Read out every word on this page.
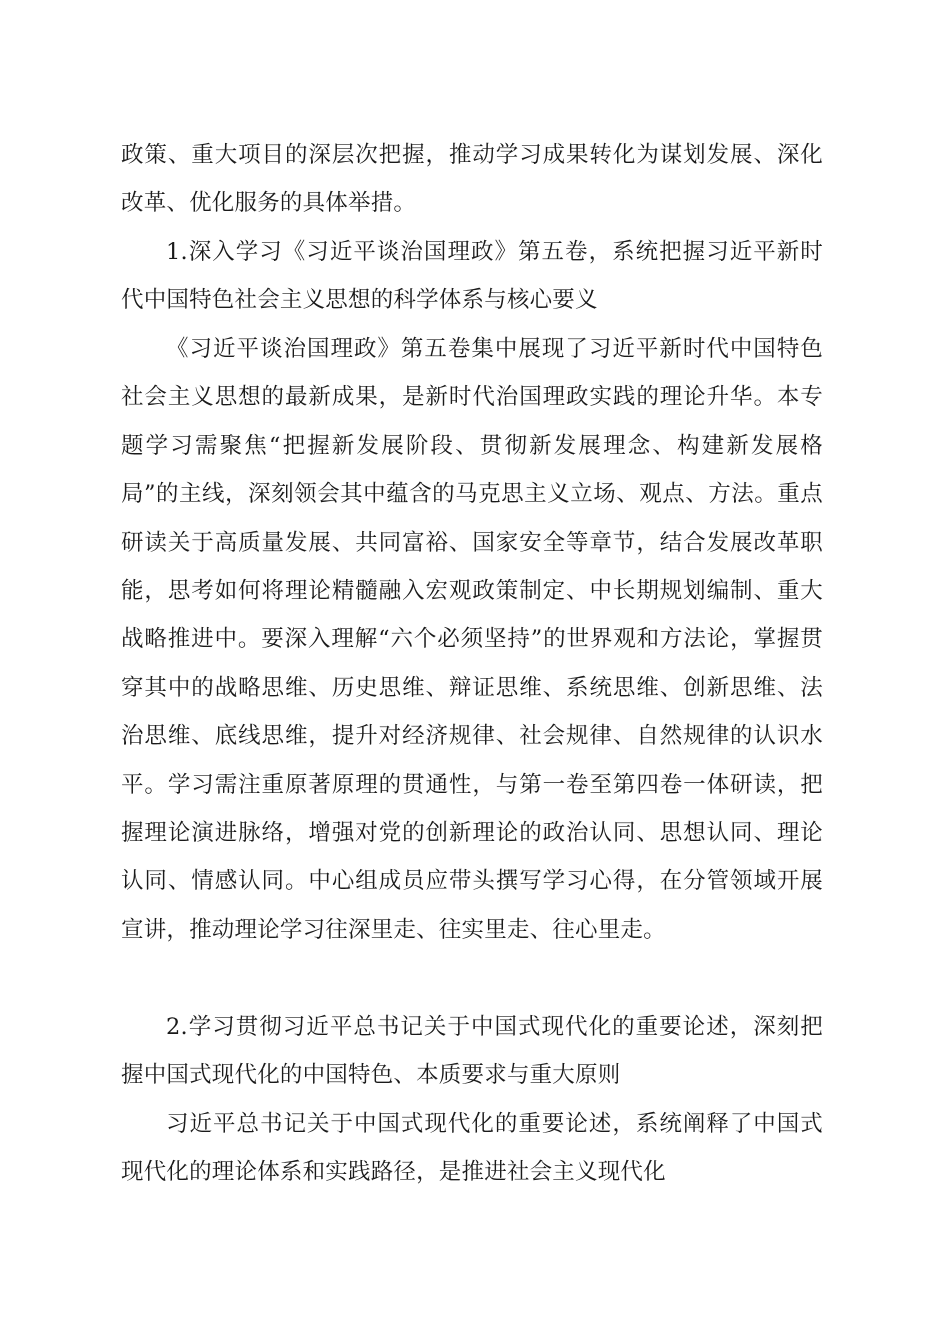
政策、重大项目的深层次把握，推动学习成果转化为谋划发展、深化改革、优化服务的具体举措。

1.深入学习《习近平谈治国理政》第五卷，系统把握习近平新时代中国特色社会主义思想的科学体系与核心要义

《习近平谈治国理政》第五卷集中展现了习近平新时代中国特色社会主义思想的最新成果，是新时代治国理政实践的理论升华。本专题学习需聚焦“把握新发展阶段、贯彻新发展理念、构建新发展格局”的主线，深刻领会其中蕴含的马克思主义立场、观点、方法。重点研读关于高质量发展、共同富裕、国家安全等章节，结合发展改革职能，思考如何将理论精髓融入宏观政策制定、中长期规划编制、重大战略推进中。要深入理解“六个必须坚持”的世界观和方法论，掌握贯穿其中的战略思维、历史思维、辩证思维、系统思维、创新思维、法治思维、底线思维，提升对经济规律、社会规律、自然规律的认识水平。学习需注重原著原理的贯通性，与第一卷至第四卷一体研读，把握理论演进脉络，增强对党的创新理论的政治认同、思想认同、理论认同、情感认同。中心组成员应带头撰写学习心得，在分管领域开展宣讲，推动理论学习往深里走、往实里走、往心里走。

2.学习贯彻习近平总书记关于中国式现代化的重要论述，深刻把握中国式现代化的中国特色、本质要求与重大原则

习近平总书记关于中国式现代化的重要论述，系统阐释了中国式现代化的理论体系和实践路径，是推进社会主义现代化
